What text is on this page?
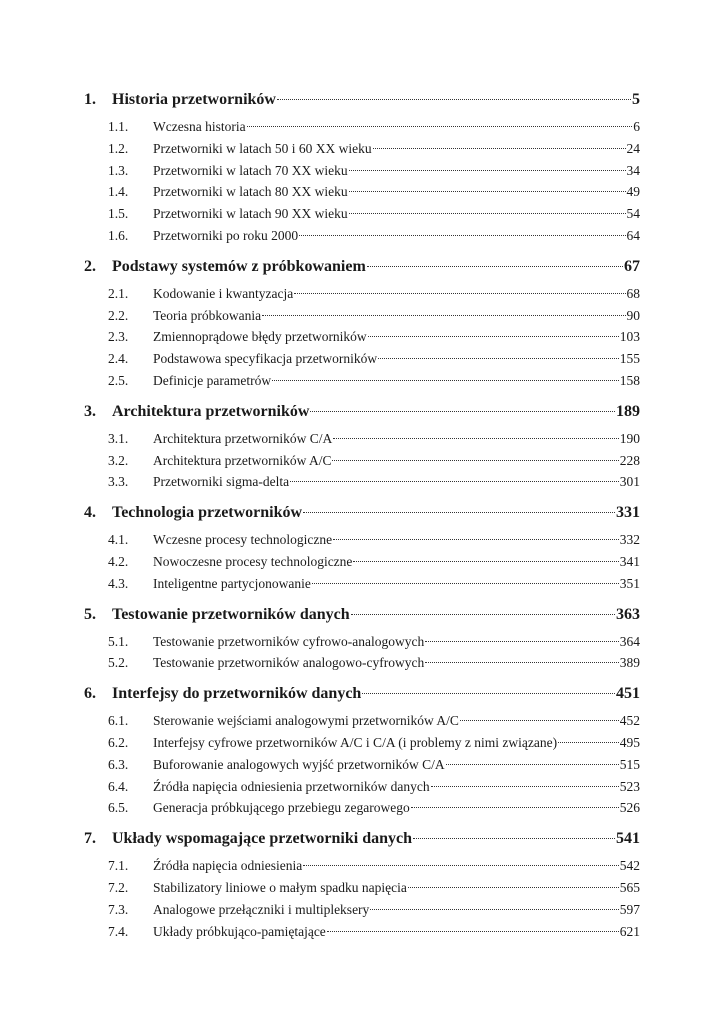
1.	Historia przetworników	5
1.1.	Wczesna historia	6
1.2.	Przetworniki w latach 50 i 60 XX wieku	24
1.3.	Przetworniki w latach 70 XX wieku	34
1.4.	Przetworniki w latach 80 XX wieku	49
1.5.	Przetworniki w latach 90 XX wieku	54
1.6.	Przetworniki po roku 2000	64
2.	Podstawy systemów z próbkowaniem	67
2.1.	Kodowanie i kwantyzacja	68
2.2.	Teoria próbkowania	90
2.3.	Zmiennoprądowe błędy przetworników	103
2.4.	Podstawowa specyfikacja przetworników	155
2.5.	Definicje parametrów	158
3.	Architektura przetworników	189
3.1.	Architektura przetworników C/A	190
3.2.	Architektura przetworników A/C	228
3.3.	Przetworniki sigma-delta	301
4.	Technologia przetworników	331
4.1.	Wczesne procesy technologiczne	332
4.2.	Nowoczesne procesy technologiczne	341
4.3.	Inteligentne partycjonowanie	351
5.	Testowanie przetworników danych	363
5.1.	Testowanie przetworników cyfrowo-analogowych	364
5.2.	Testowanie przetworników analogowo-cyfrowych	389
6.	Interfejsy do przetworników danych	451
6.1.	Sterowanie wejściami analogowymi przetworników A/C	452
6.2.	Interfejsy cyfrowe przetworników A/C i C/A (i problemy z nimi związane)	495
6.3.	Buforowanie analogowych wyjść przetworników C/A	515
6.4.	Źródła napięcia odniesienia przetworników danych	523
6.5.	Generacja próbkującego przebiegu zegarowego	526
7.	Układy wspomagające przetworniki danych	541
7.1.	Źródła napięcia odniesienia	542
7.2.	Stabilizatory liniowe o małym spadku napięcia	565
7.3.	Analogowe przełączniki i multipleksery	597
7.4.	Układy próbkująco-pamiętające	621
